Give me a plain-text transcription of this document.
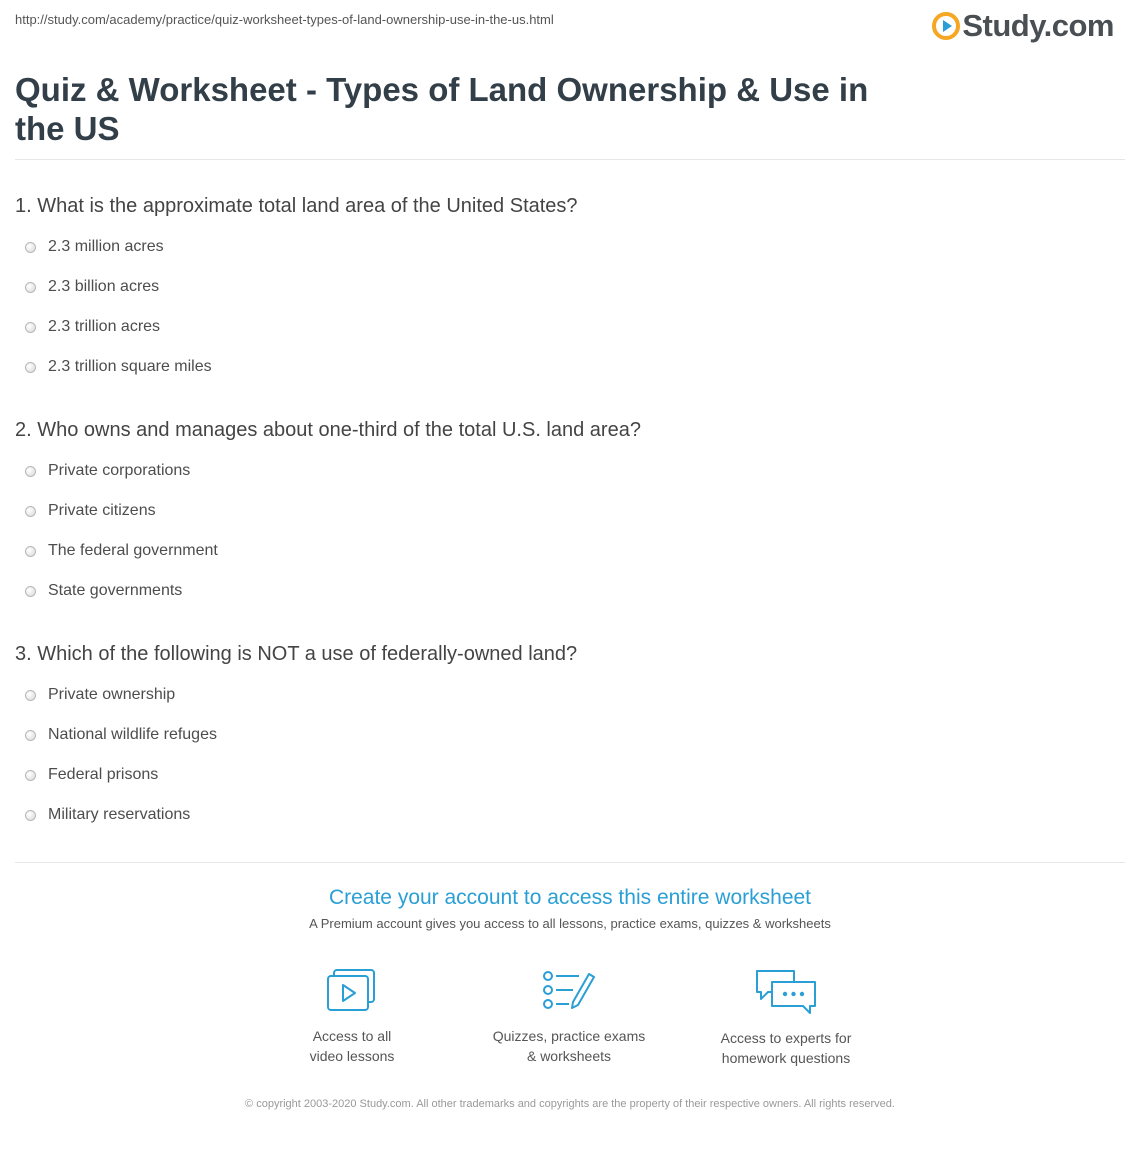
http://study.com/academy/practice/quiz-worksheet-types-of-land-ownership-use-in-the-us.html	Study.com
Quiz & Worksheet - Types of Land Ownership & Use in the US

1. What is the approximate total land area of the United States?

2.3 million acres
2.3 billion acres
2.3 trillion acres
2.3 trillion square miles

2. Who owns and manages about one-third of the total U.S. land area?

Private corporations
Private citizens
The federal government
State governments

3. Which of the following is NOT a use of federally-owned land?

Private ownership
National wildlife refuges
Federal prisons
Military reservations
Create your account to access this entire worksheet
A Premium account gives you access to all lessons, practice exams, quizzes & worksheets
Access to all
video lessons
Quizzes, practice exams
& worksheets
Access to experts for
homework questions
© copyright 2003-2020 Study.com. All other trademarks and copyrights are the property of their respective owners. All rights reserved.
